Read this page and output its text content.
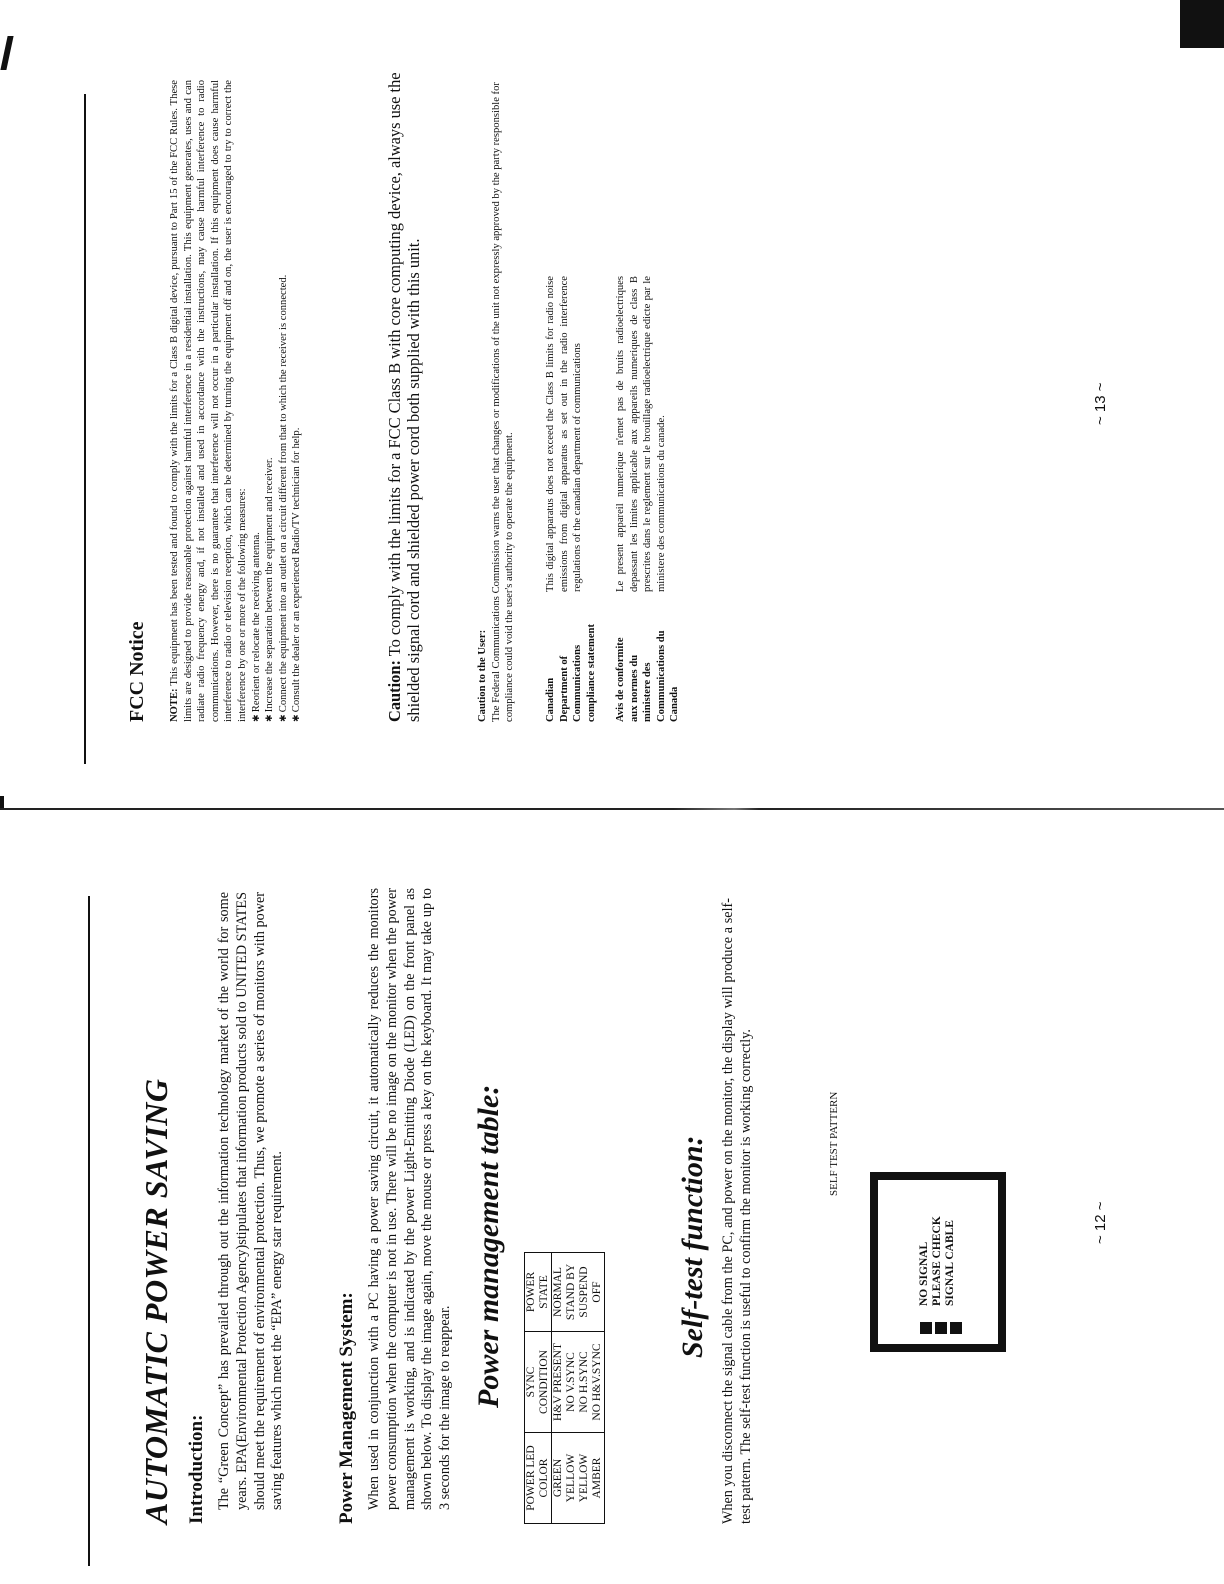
FCC Notice NOTE: This equipment has been tested and found to comply with the limits for a Class B digital device, pursuant to Part 15 of the FCC Rules. These limits are designed to provide reasonable protection against harmful interference in a residential installation. This equipment generates, uses and can radiate radio frequency energy and, if not installed and used in accordance with the instructions, may cause harmful interference to radio communications. However, there is no guarantee that interference will not occur in a particular installation. If this equipment does cause harmful interference to radio or television reception, which can be determined by turning the equipment off and on, the user is encouraged to try to correct the interference by one or more of the following measures: ✱ Reorient or relocate the receiving antenna. ✱ Increase the separation between the equipment and receiver. ✱ Connect the equipment into an outlet on a circuit different from that to which the receiver is connected. ✱ Consult the dealer or an experienced Radio/TV technician for help.	Caution: To comply with the limits for a FCC Class B with core computing device, always use the shielded signal cord and shielded power cord both supplied with this unit.	Caution to the User: The Federal Communications Commission warns the user that changes or modifications of the unit not expressly approved by the party responsible for compliance could void the user's authority to operate the equipment.	Canadian Department of Communications compliance statement
This digital apparatus does not exceed the Class B limits for radio noise emissions from digital apparatus as set out in the radio interference regulations of the canadian department of communications
Avis de conformite aux normes du ministere des Communications du Canada
Le present appareil numerique n'emet pas de bruits radioelectriques depassant les limites applicable aux appareils numeriques de class B prescrites dans le reglement sur le brouillage radioelectrique edicte par le ministere des communications du canade.
~ 13 ~
AUTOMATIC POWER SAVING Introduction: The “Green Concept” has prevailed through out the information technology market of the world for some years. EPA(Environmental Protection Agency)stipulates that information products sold to UNITED STATES should meet the requirement of environmental protection. Thus, we promote a series of monitors with power saving features which meet the “EPA” energy star requirement.	Power Management System: When used in conjunction with a PC having a power saving circuit, it automatically reduces the monitors power consumption when the computer is not in use. There will be no image on the monitor when the power management is working, and is indicated by the power Light-Emitting Diode (LED) on the front panel as shown below. To display the image again, move the mouse or press a key on the keyboard. It may take up to 3 seconds for the image to reappear. Power management table:
POWER LED COLOR	SYNC CONDITION	POWER STATE
GREEN	H&V PRESENT	NORMAL
YELLOW	NO V.SYNC	STAND BY
YELLOW	NO H.SYNC	SUSPEND
AMBER	NO H&V.SYNC	OFF Self-test function: When you disconnect the signal cable from the PC, and power on the monitor, the display will produce a self-test pattern. The self-test function is useful to confirm the monitor is working correctly.	SELF TEST PATTERN
NO SIGNAL PLEASE CHECK SIGNAL CABLE	~ 12 ~
